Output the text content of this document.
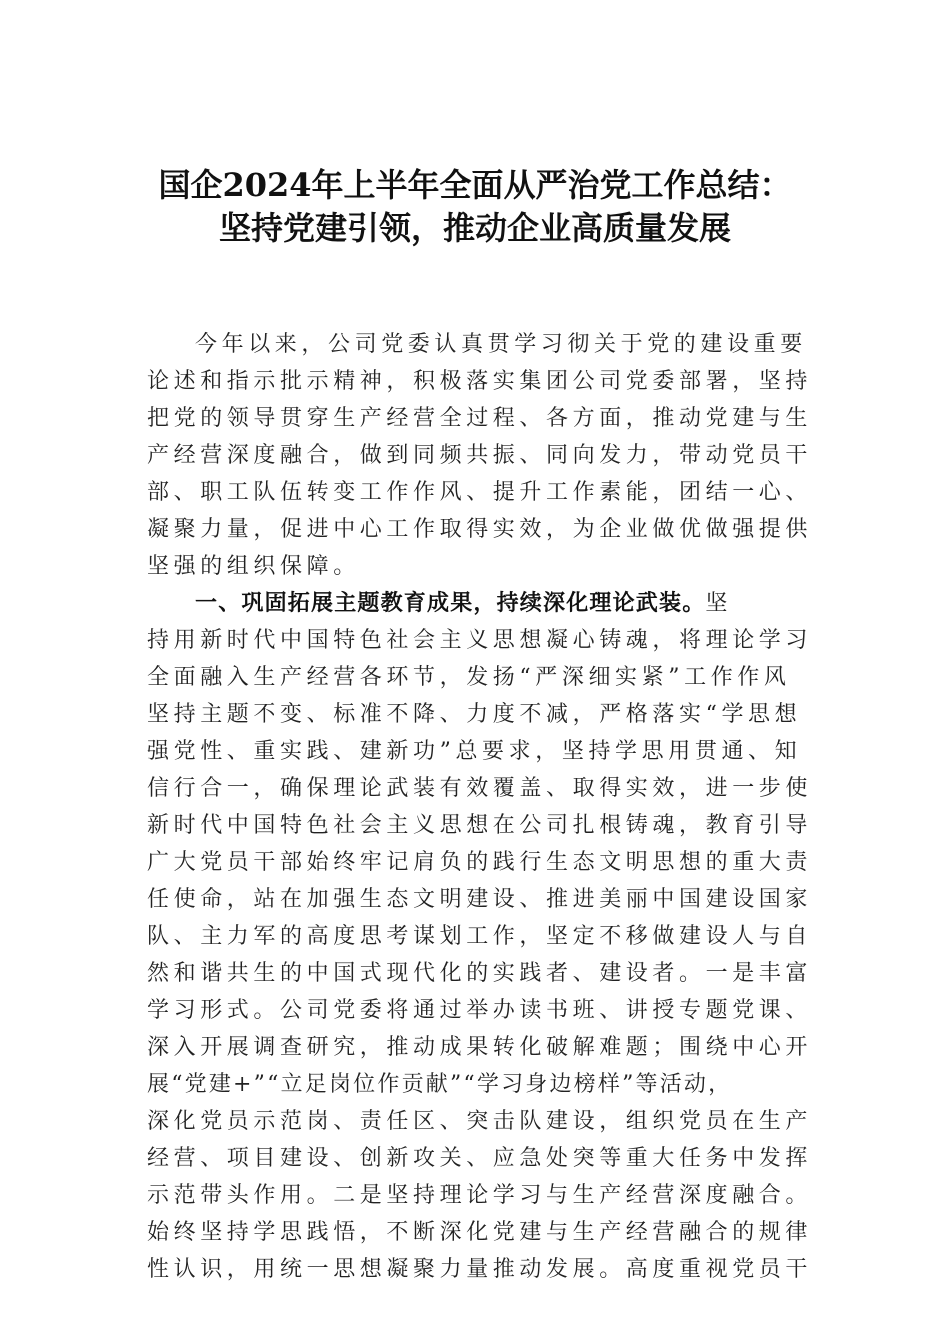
国企2024年上半年全面从严治党工作总结：
坚持党建引领，推动企业高质量发展
今年以来，公司党委认真贯学习彻关于党的建设重要
论述和指示批示精神，积极落实集团公司党委部署，坚持
把党的领导贯穿生产经营全过程、各方面，推动党建与生
产经营深度融合，做到同频共振、同向发力，带动党员干
部、职工队伍转变工作作风、提升工作素能，团结一心、
凝聚力量，促进中心工作取得实效，为企业做优做强提供
坚强的组织保障。
一、巩固拓展主题教育成果，持续深化理论武装。坚
持用新时代中国特色社会主义思想凝心铸魂，将理论学习
全面融入生产经营各环节，发扬“严深细实紧”工作作风
坚持主题不变、标准不降、力度不减，严格落实“学思想
强党性、重实践、建新功”总要求，坚持学思用贯通、知
信行合一，确保理论武装有效覆盖、取得实效，进一步使
新时代中国特色社会主义思想在公司扎根铸魂，教育引导
广大党员干部始终牢记肩负的践行生态文明思想的重大责
任使命，站在加强生态文明建设、推进美丽中国建设国家
队、主力军的高度思考谋划工作，坚定不移做建设人与自
然和谐共生的中国式现代化的实践者、建设者。一是丰富
学习形式。公司党委将通过举办读书班、讲授专题党课、
深入开展调查研究，推动成果转化破解难题；围绕中心开
展“党建+”“立足岗位作贡献”“学习身边榜样”等活动，
深化党员示范岗、责任区、突击队建设，组织党员在生产
经营、项目建设、创新攻关、应急处突等重大任务中发挥
示范带头作用。二是坚持理论学习与生产经营深度融合。
始终坚持学思践悟，不断深化党建与生产经营融合的规律
性认识，用统一思想凝聚力量推动发展。高度重视党员干
